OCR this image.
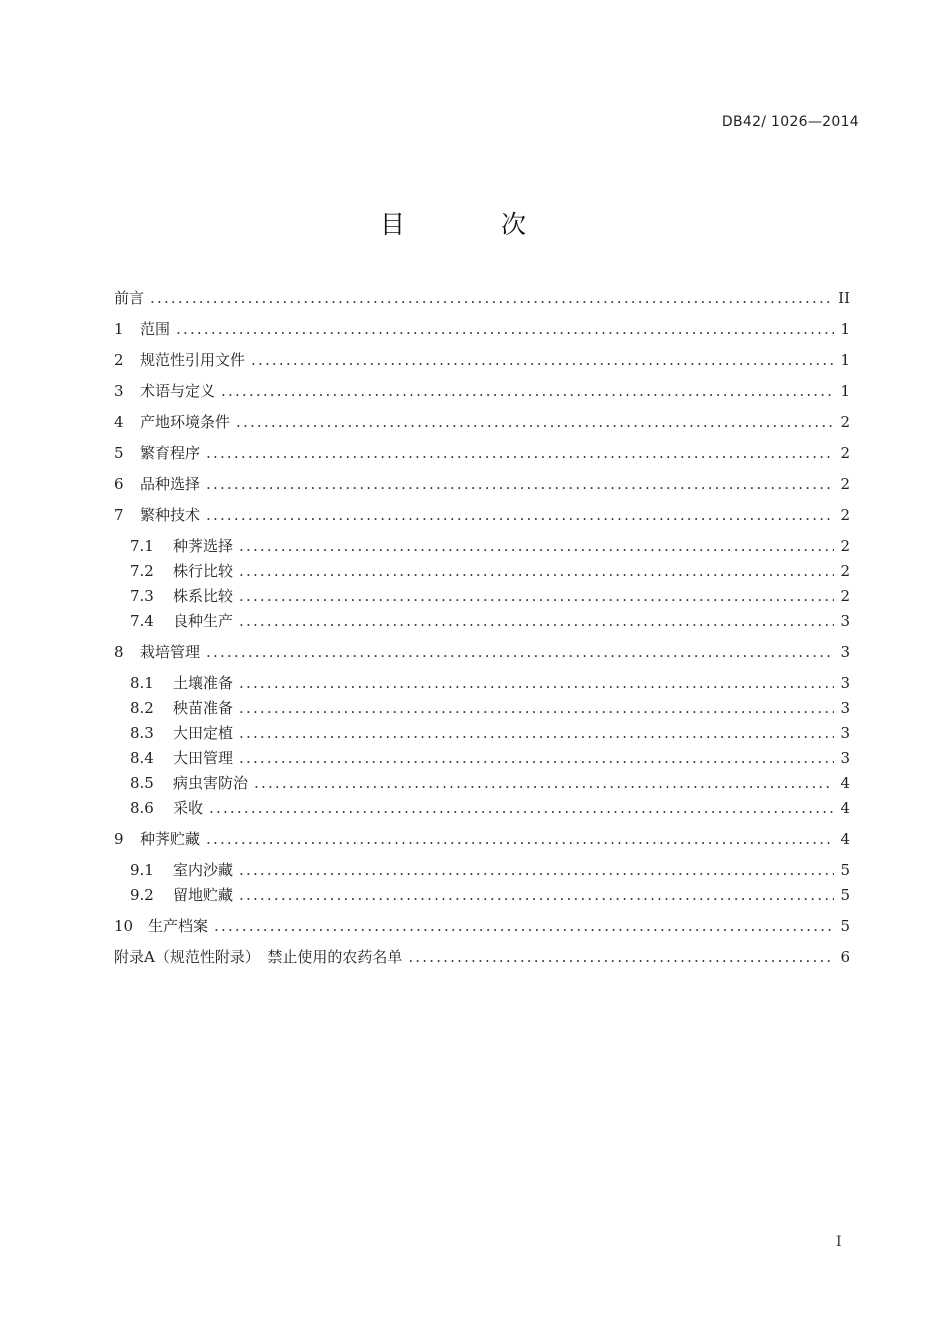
DB42/ 1026—2014
目 次
前言 .....	II
1	范围 .....	1
2	规范性引用文件 .....	1
3	术语与定义 .....	1
4	产地环境条件 .....	2
5	繁育程序 .....	2
6	品种选择 .....	2
7	繁种技术 .....	2
7.1	种荠选择 .....	2
7.2	株行比较 .....	2
7.3	株系比较 .....	2
7.4	良种生产 .....	3
8	栽培管理 .....	3
8.1	土壤准备 .....	3
8.2	秧苗准备 .....	3
8.3	大田定植 .....	3
8.4	大田管理 .....	3
8.5	病虫害防治 .....	4
8.6	采收 .....	4
9	种荠贮藏 .....	4
9.1	室内沙藏 .....	5
9.2	留地贮藏 .....	5
10 生产档案 .....	5
附录A（规范性附录）　禁止使用的农药名单 .....	6
I
